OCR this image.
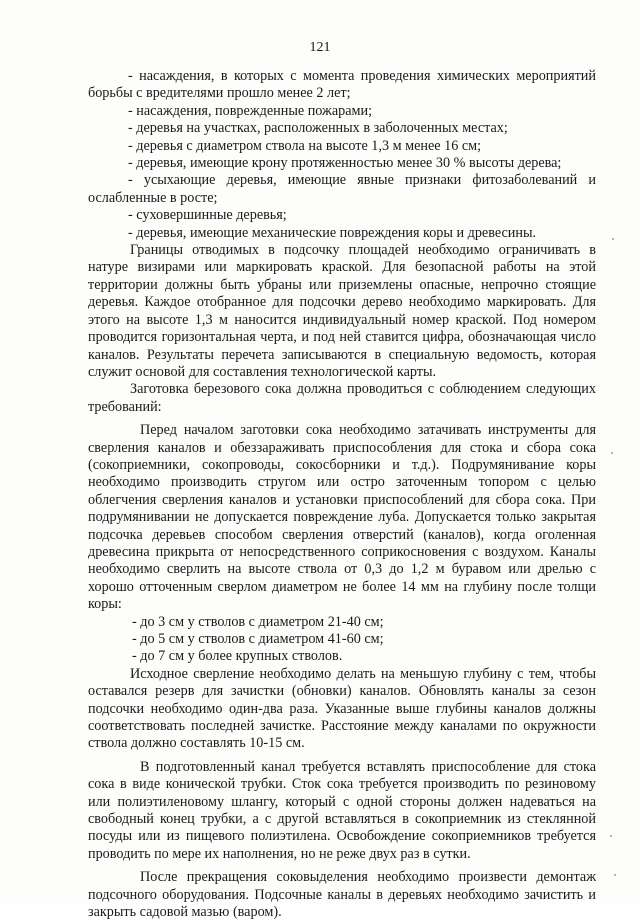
121

- насаждения, в которых с момента проведения химических мероприятий борьбы с вредителями прошло менее 2 лет;

- насаждения, поврежденные пожарами;

- деревья на участках, расположенных в заболоченных местах;

- деревья с диаметром ствола на высоте 1,3 м менее 16 см;

- деревья, имеющие крону протяженностью менее 30 % высоты дерева;

- усыхающие деревья, имеющие явные признаки фитозаболеваний и ослабленные в росте;

- суховершинные деревья;

- деревья, имеющие механические повреждения коры и древесины.

Границы отводимых в подсочку площадей необходимо ограничивать в натуре визирами или маркировать краской. Для безопасной работы на этой территории должны быть убраны или приземлены опасные, непрочно стоящие деревья. Каждое отобранное для подсочки дерево необходимо маркировать. Для этого на высоте 1,3 м наносится индивидуальный номер краской. Под номером проводится горизонтальная черта, и под ней ставится цифра, обозначающая число каналов. Результаты перечета записываются в специальную ведомость, которая служит основой для составления технологической карты.

Заготовка березового сока должна проводиться с соблюдением следующих требований:

Перед началом заготовки сока необходимо затачивать инструменты для сверления каналов и обеззараживать приспособления для стока и сбора сока (сокоприемники, сокопроводы, сокосборники и т.д.). Подрумянивание коры необходимо производить стругом или остро заточенным топором с целью облегчения сверления каналов и установки приспособлений для сбора сока. При подрумянивании не допускается повреждение луба. Допускается только закрытая подсочка деревьев способом сверления отверстий (каналов), когда оголенная древесина прикрыта от непосредственного соприкосновения с воздухом. Каналы необходимо сверлить на высоте ствола от 0,3 до 1,2 м буравом или дрелью с хорошо отточенным сверлом диаметром не более 14 мм на глубину после толщи коры:

- до 3 см у стволов с диаметром 21-40 см;

- до 5 см у стволов с диаметром 41-60 см;

- до 7 см у более крупных стволов.

Исходное сверление необходимо делать на меньшую глубину с тем, чтобы оставался резерв для зачистки (обновки) каналов. Обновлять каналы за сезон подсочки необходимо один-два раза. Указанные выше глубины каналов должны соответствовать последней зачистке. Расстояние между каналами по окружности ствола должно составлять 10-15 см.

В подготовленный канал требуется вставлять приспособление для стока сока в виде конической трубки. Сток сока требуется производить по резиновому или полиэтиленовому шлангу, который с одной стороны должен надеваться на свободный конец трубки, а с другой вставляться в сокоприемник из стеклянной посуды или из пищевого полиэтилена. Освобождение сокоприемников требуется проводить по мере их наполнения, но не реже двух раз в сутки.

После прекращения соковыделения необходимо произвести демонтаж подсочного оборудования. Подсочные каналы в деревьях необходимо зачистить и закрыть садовой мазью (варом).
